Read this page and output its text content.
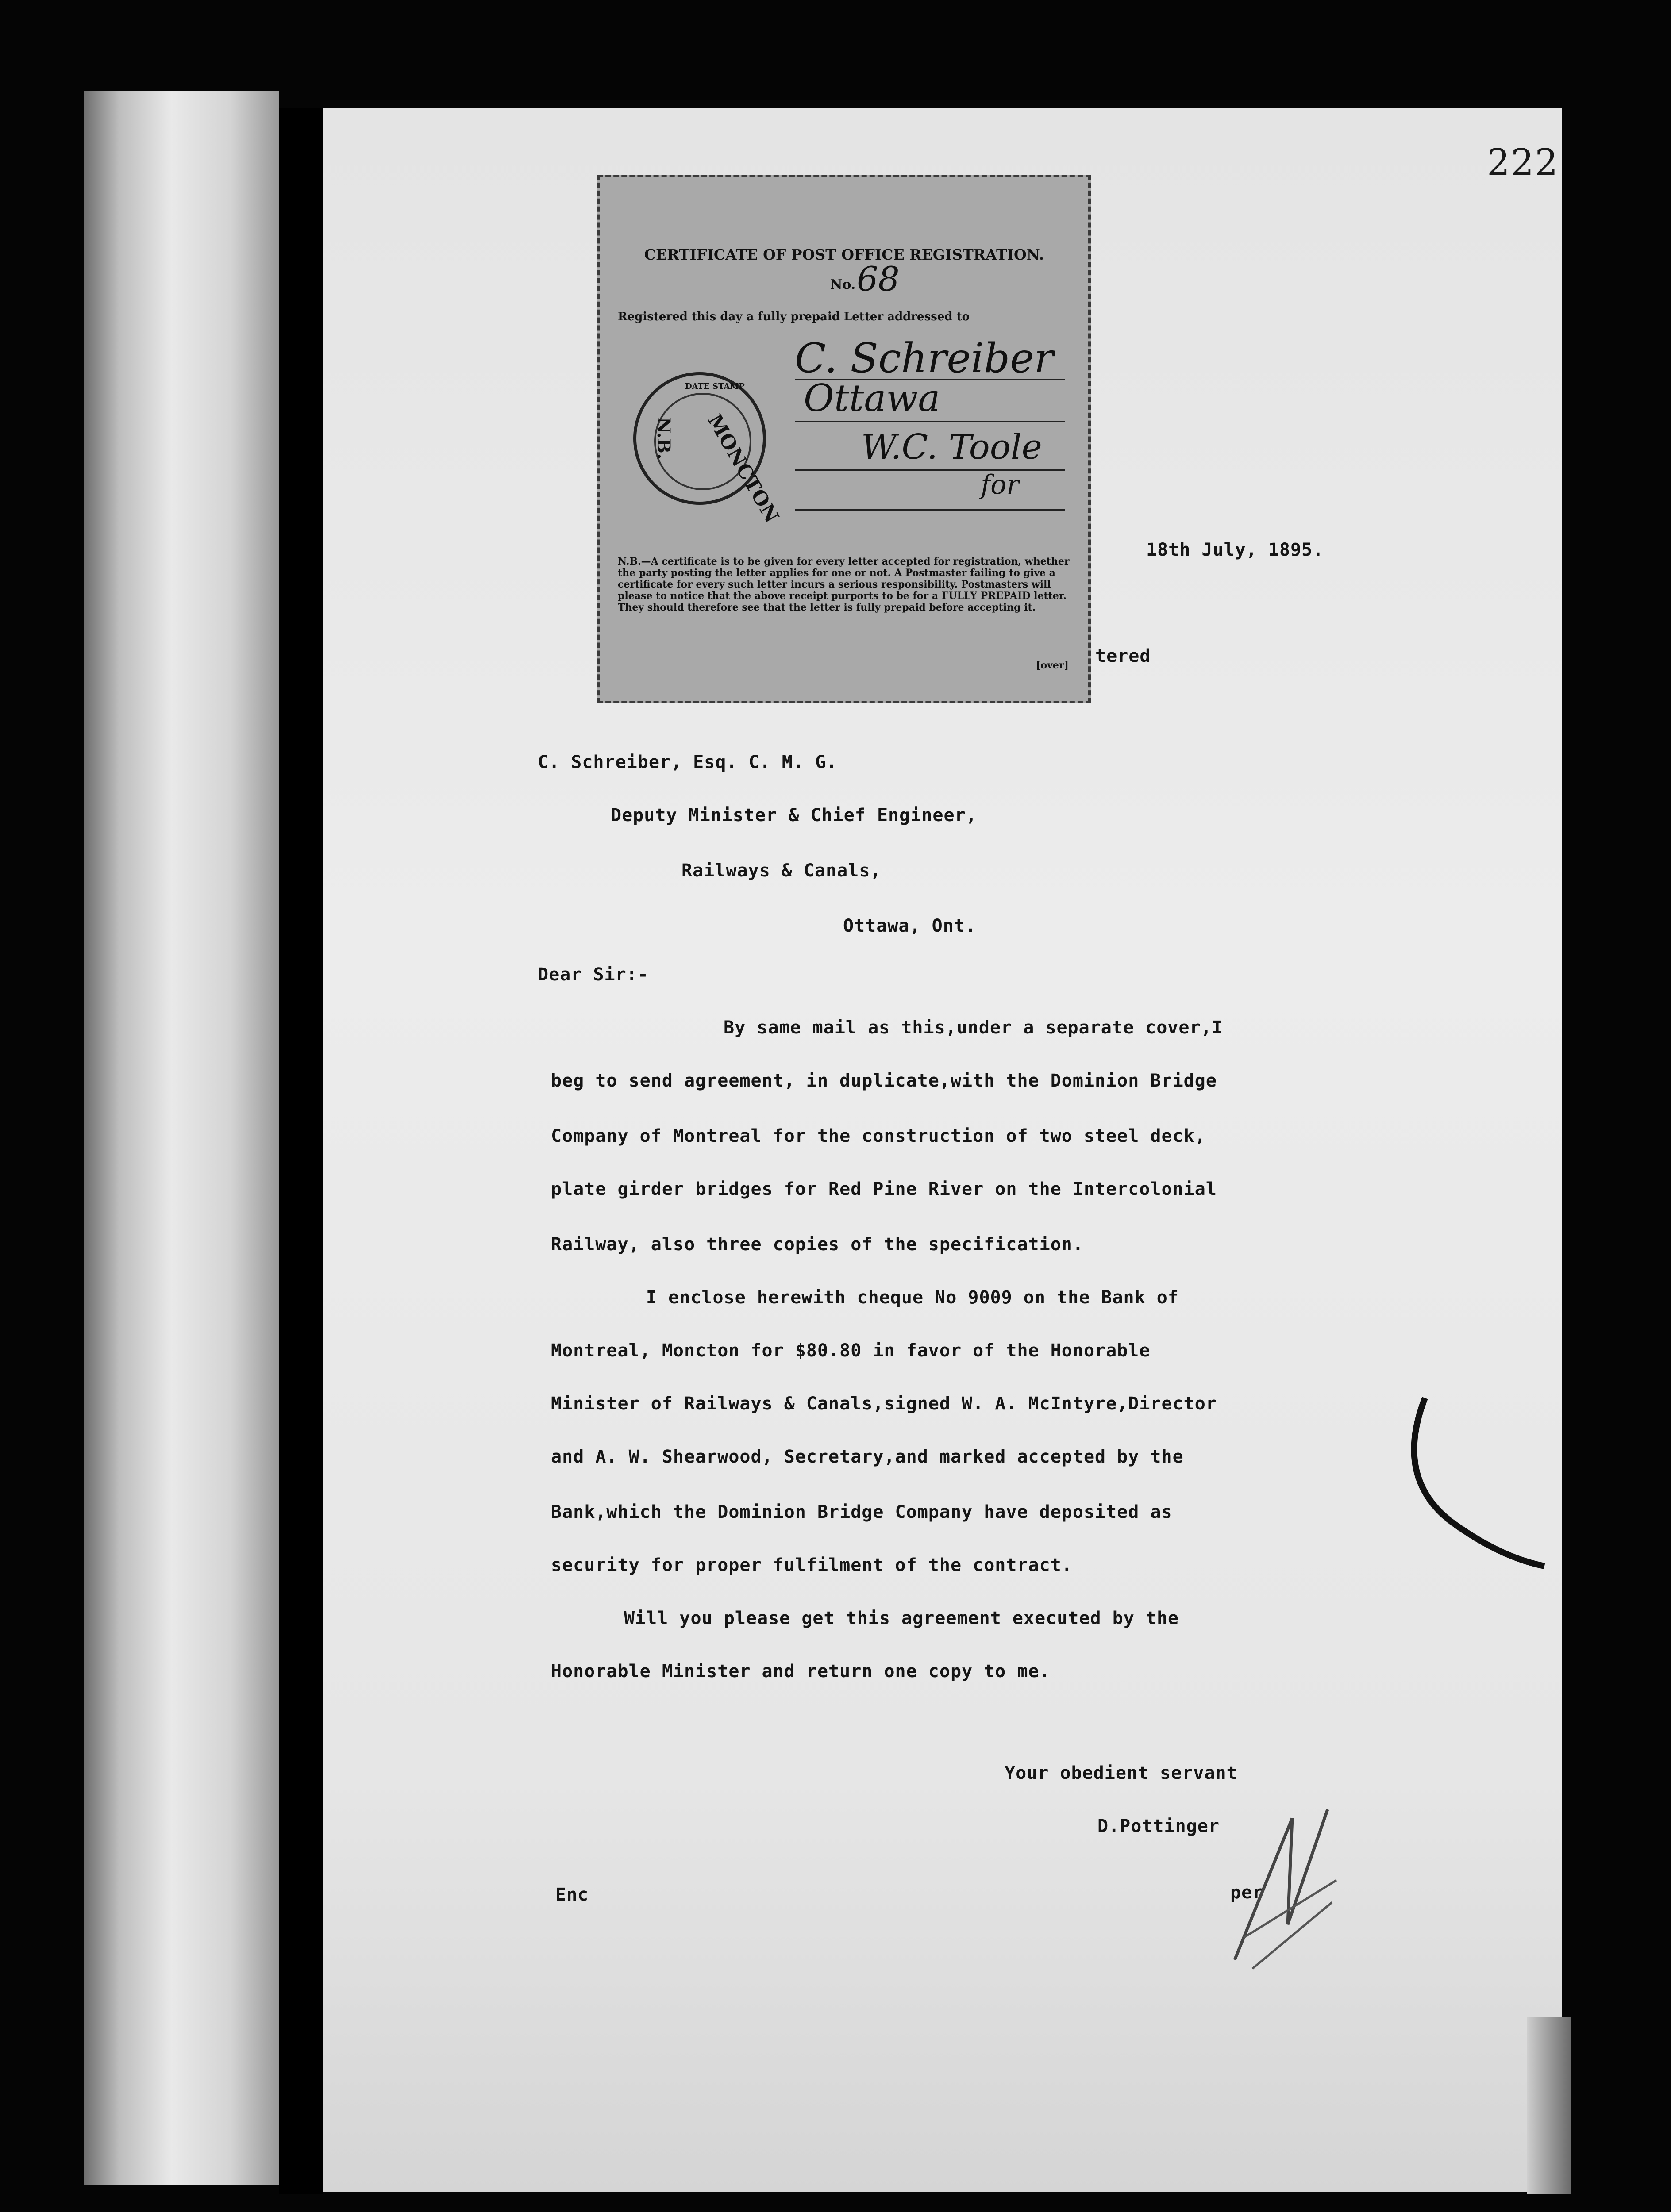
222
CERTIFICATE OF POST OFFICE REGISTRATION.
No. 68
Registered this day a fully prepaid Letter addressed to
C. Schreiber
Ottawa
W.C. Toole
for
DATE STAMP
MONCTON
N.B.
N.B.—A certificate is to be given for every letter accepted for registration, whether the party posting the letter applies for one or not. A Postmaster failing to give a certificate for every such letter incurs a serious responsibility. Postmasters will please to notice that the above receipt purports to be for a FULLY PREPAID letter. They should therefore see that the letter is fully prepaid before accepting it.
[over]
18th July, 1895.
tered
C. Schreiber, Esq. C. M. G.
Deputy Minister & Chief Engineer,
Railways & Canals,
Ottawa, Ont.
Dear Sir:-
By same mail as this,under a separate cover,I
beg to send agreement, in duplicate,with the Dominion Bridge
Company of Montreal for the construction of two steel deck,
plate girder bridges for Red Pine River on the Intercolonial
Railway, also three copies of the specification.
I enclose herewith cheque No 9009 on the Bank of
Montreal, Moncton for $80.80 in favor of the Honorable
Minister of Railways & Canals,signed W. A. McIntyre,Director
and A. W. Shearwood, Secretary,and marked accepted by the
Bank,which the Dominion Bridge Company have deposited as
security for proper fulfilment of the contract.
Will you please get this agreement executed by the
Honorable Minister and return one copy to me.
Your obedient servant
D.Pottinger
Enc	per
